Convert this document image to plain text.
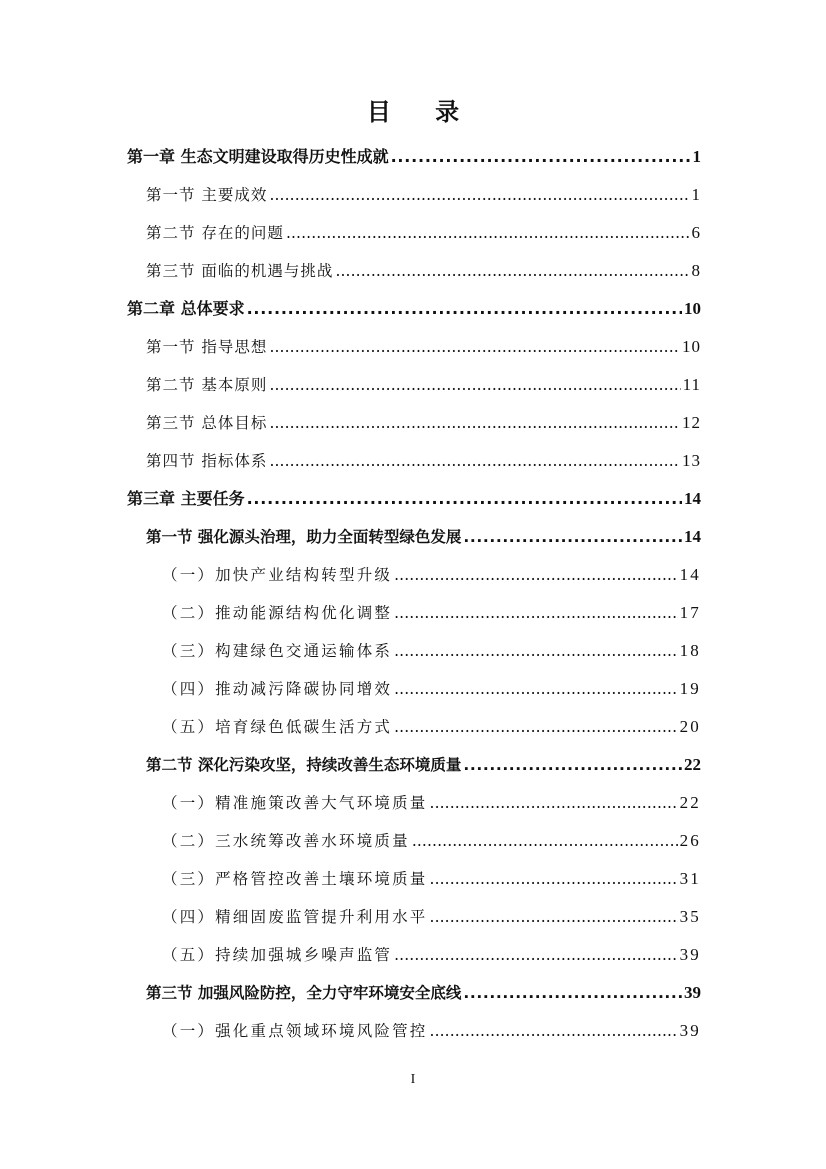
目 录
第一章 生态文明建设取得历史性成就 . . .	1
第一节 主要成效 . . .	1
第二节 存在的问题 . . .	6
第三节 面临的机遇与挑战 . . .	8
第二章 总体要求 . . .	10
第一节 指导思想 . . .	10
第二节 基本原则 . . .	11
第三节 总体目标 . . .	12
第四节 指标体系 . . .	13
第三章 主要任务 . . .	14
第一节 强化源头治理，助力全面转型绿色发展 . . .	14
（一）加快产业结构转型升级 . . .	14
（二）推动能源结构优化调整 . . .	17
（三）构建绿色交通运输体系 . . .	18
（四）推动减污降碳协同增效 . . .	19
（五）培育绿色低碳生活方式 . . .	20
第二节 深化污染攻坚，持续改善生态环境质量 . . .	22
（一）精准施策改善大气环境质量 . . .	22
（二）三水统筹改善水环境质量 . . .	26
（三）严格管控改善土壤环境质量 . . .	31
（四）精细固废监管提升利用水平 . . .	35
（五）持续加强城乡噪声监管 . . .	39
第三节 加强风险防控，全力守牢环境安全底线 . . .	39
（一）强化重点领域环境风险管控 . . .	39
I
